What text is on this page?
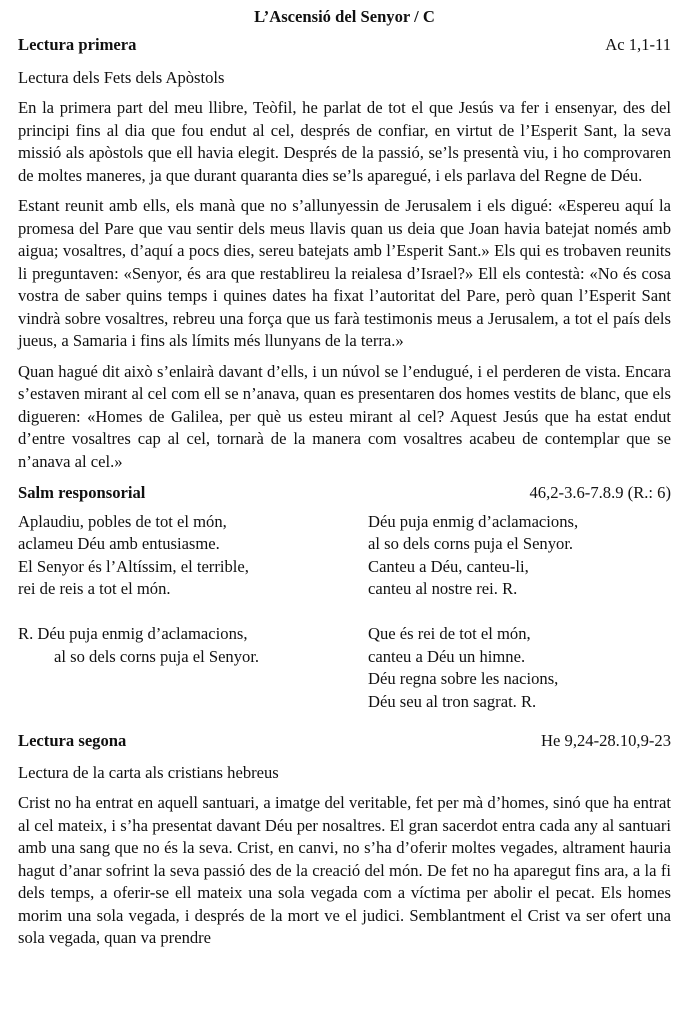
L’Ascensió del Senyor / C
Lectura primera	Ac 1,1-11
Lectura dels Fets dels Apòstols

En la primera part del meu llibre, Teòfil, he parlat de tot el que Jesús va fer i ensenyar, des del principi fins al dia que fou endut al cel, després de confiar, en virtut de l’Esperit Sant, la seva missió als apòstols que ell havia elegit. Després de la passió, se’ls presentà viu, i ho comprovaren de moltes maneres, ja que durant quaranta dies se’ls aparegué, i els parlava del Regne de Déu.

Estant reunit amb ells, els manà que no s’allunyessin de Jerusalem i els digué: «Espereu aquí la promesa del Pare que vau sentir dels meus llavis quan us deia que Joan havia batejat només amb aigua; vosaltres, d’aquí a pocs dies, sereu batejats amb l’Esperit Sant.» Els qui es trobaven reunits li preguntaven: «Senyor, és ara que restablireu la reialesa d’Israel?» Ell els contestà: «No és cosa vostra de saber quins temps i quines dates ha fixat l’autoritat del Pare, però quan l’Esperit Sant vindrà sobre vosaltres, rebreu una força que us farà testimonis meus a Jerusalem, a tot el país dels jueus, a Samaria i fins als límits més llunyans de la terra.»

Quan hagué dit això s’enlairà davant d’ells, i un núvol se l’endugué, i el perderen de vista. Encara s’estaven mirant al cel com ell se n’anava, quan es presentaren dos homes vestits de blanc, que els digueren: «Homes de Galilea, per què us esteu mirant al cel? Aquest Jesús que ha estat endut d’entre vosaltres cap al cel, tornarà de la manera com vosaltres acabeu de contemplar que se n’anava al cel.»

Salm responsorial	46,2-3.6-7.8.9 (R.: 6)
Aplaudiu, pobles de tot el món,
aclameu Déu amb entusiasme.
El Senyor és l’Altíssim, el terrible,
rei de reis a tot el món.
R. Déu puja enmig d’aclamacions,
al so dels corns puja el Senyor.
Déu puja enmig d’aclamacions,
al so dels corns puja el Senyor.
Canteu a Déu, canteu-li,
canteu al nostre rei. R.
Que és rei de tot el món,
canteu a Déu un himne.
Déu regna sobre les nacions,
Déu seu al tron sagrat. R.
Lectura segona	He 9,24-28.10,9-23
Lectura de la carta als cristians hebreus

Crist no ha entrat en aquell santuari, a imatge del veritable, fet per mà d’homes, sinó que ha entrat al cel mateix, i s’ha presentat davant Déu per nosaltres. El gran sacerdot entra cada any al santuari amb una sang que no és la seva. Crist, en canvi, no s’ha d’oferir moltes vegades, altrament hauria hagut d’anar sofrint la seva passió des de la creació del món. De fet no ha aparegut fins ara, a la fi dels temps, a oferir-se ell mateix una sola vegada com a víctima per abolir el pecat. Els homes morim una sola vegada, i després de la mort ve el judici. Semblantment el Crist va ser ofert una sola vegada, quan va prendre
